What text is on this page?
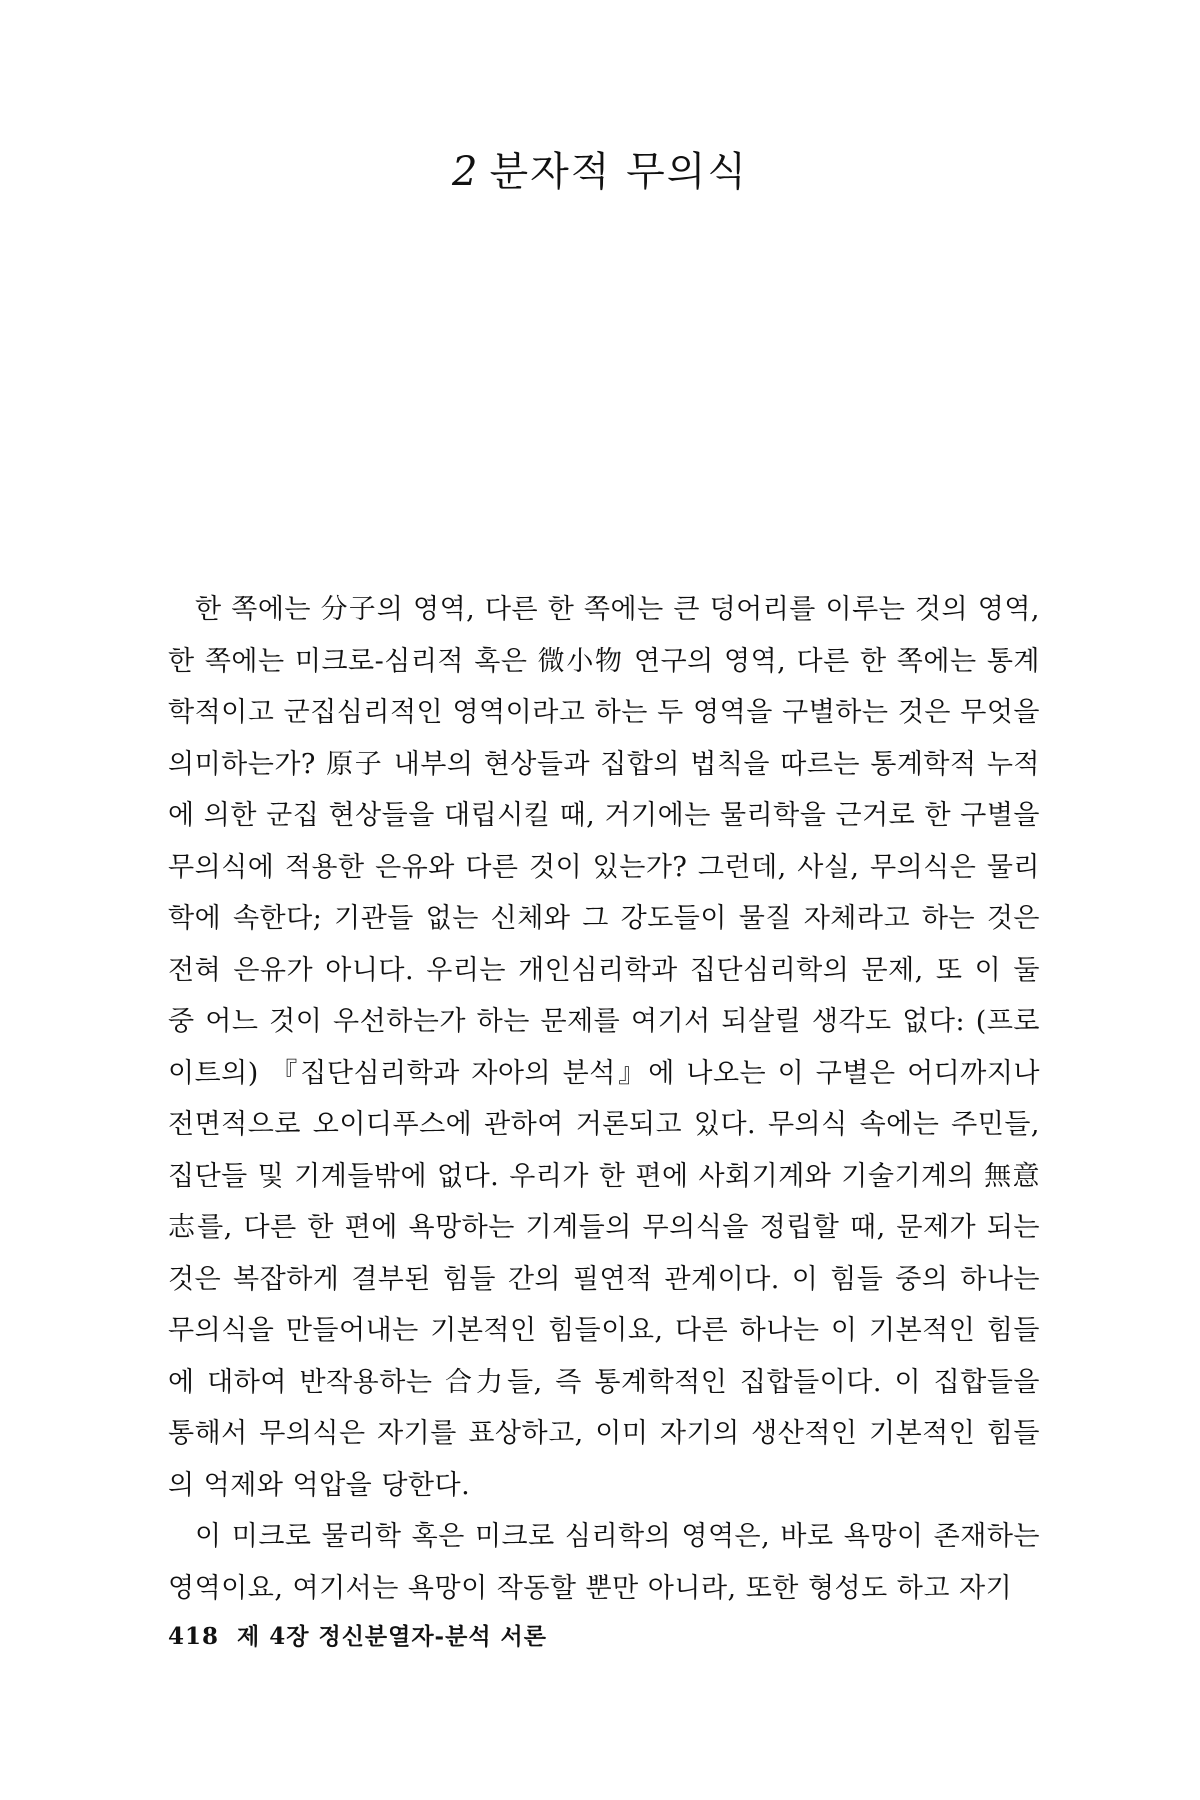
2 분자적 무의식

한 쪽에는 分子의 영역, 다른 한 쪽에는 큰 덩어리를 이루는 것의 영역, 한 쪽에는 미크로-심리적 혹은 微小物 연구의 영역, 다른 한 쪽에는 통계학적이고 군집심리적인 영역이라고 하는 두 영역을 구별하는 것은 무엇을 의미하는가? 原子 내부의 현상들과 집합의 법칙을 따르는 통계학적 누적에 의한 군집 현상들을 대립시킬 때, 거기에는 물리학을 근거로 한 구별을 무의식에 적용한 은유와 다른 것이 있는가? 그런데, 사실, 무의식은 물리학에 속한다; 기관들 없는 신체와 그 강도들이 물질 자체라고 하는 것은 전혀 은유가 아니다. 우리는 개인심리학과 집단심리학의 문제, 또 이 둘 중 어느 것이 우선하는가 하는 문제를 여기서 되살릴 생각도 없다: (프로이트의) 『집단심리학과 자아의 분석』에 나오는 이 구별은 어디까지나 전면적으로 오이디푸스에 관하여 거론되고 있다. 무의식 속에는 주민들, 집단들 및 기계들밖에 없다. 우리가 한 편에 사회기계와 기술기계의 無意志를, 다른 한 편에 욕망하는 기계들의 무의식을 정립할 때, 문제가 되는 것은 복잡하게 결부된 힘들 간의 필연적 관계이다. 이 힘들 중의 하나는 무의식을 만들어내는 기본적인 힘들이요, 다른 하나는 이 기본적인 힘들에 대하여 반작용하는 合力들, 즉 통계학적인 집합들이다. 이 집합들을 통해서 무의식은 자기를 표상하고, 이미 자기의 생산적인 기본적인 힘들의 억제와 억압을 당한다.

이 미크로 물리학 혹은 미크로 심리학의 영역은, 바로 욕망이 존재하는 영역이요, 여기서는 욕망이 작동할 뿐만 아니라, 또한 형성도 하고 자기

418 제 4장 정신분열자-분석 서론
